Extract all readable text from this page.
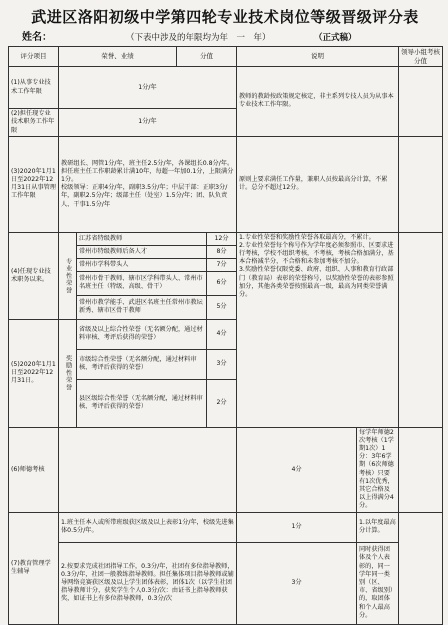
武进区洛阳初级中学第四轮专业技术岗位等级晋级评分表
姓名：	（下表中涉及的年限均为年　一　年）	（正式稿）
评分项目	荣誉、业绩		分值		说明		领导小组考核分值
(1)从事专业技术工作年限	1分/年				教师的教龄按政策规定核定，非主系列专技人员为从事本专业技术工作年限。		
(2)担任现专业技术职务工作年限	1分/年						
(3)2020年1月1日至2022年12月31日从事管理工作年限	教研组长、网管1分/年，班主任2.5分/年，各课组长0.8分/年。
担任班主任工作职龄累计满10年，每超一年加0.1分，上限满分1分。
校级领导：正职4分/年，副职3.5分/年；中层干部：正职3分/年，副职2.5分/年；级部主任（处室）1.5分/年；团、队负责人、干事1.5分/年				原则上要求满任工作量，兼职人员按最高分计算，不累计。总分不超过12分。		
(4)任现专业技术职务以来。	专业性荣誉	江苏省特级教师		12分	1.专业性荣誉和奖励性荣誉各取最高分，不累计。
2.专业性荣誉每个称号作为学年度必须参照市、区要求进行考核，学校不组织考核，不考核，考核合格加满分，基本合格减半分，不合格和未参加考核不加分。
3.奖励性荣誉仅限党委、政府、组织、人事和教育行政部门（教育局）表彰的荣誉称号，以奖励性荣誉的表彰参照加分，其他各类荣誉按照最高一级，最高为同类荣誉满分。		

		常州市特级教师后备人才		8分			
		常州市学科带头人		7分			
		常州市骨干教师、辖市区学科带头人、常州市名班主任（特级、高级、骨干）		6分			
		常州市教学能手、武进区名班主任常州市教坛新秀、辖市区骨干教师		5分			
(5)2020年1月1日至2022年12月31日。	奖励性荣誉	省级及以上综合性荣誉（无名额分配，通过材料审核、考评后获得的荣誉）		4分			
		市级综合性荣誉（无名额分配，通过材料审核、考评后获得的荣誉）		3分			
		县区级综合性荣誉（无名额分配，通过材料审核、考评后获得的荣誉）		2分			
(6)师德考核					4分	每学年师德2次考核（1学期1次）1分：3年6学期（6次师德考核）只要有1次优秀，其它合格及以上得满分4分。	
(7)教育管理学生辅导	1.班主任本人或所带班级获区级及以上表彰1分/年，校级先进集体0.5分/年。				1分	1.以年度最高分计算。	
	2.按要求完成社团指导工作，0.3分/年，社团有多位指导教师，0.3分/年，社团一般教练指导教师。担任集体项目指导教师或辅导网络竞赛获区级及以上学生团体表彰，团体1次（以学生社团指导教师计分，获奖学生个人0.3分/次：由证书上指导教师获奖，如证书上有多位指导教师，0.3分/次				3分	同时获得团体及个人表彰的，同一学年同一类别（区、市、省级别）的，取团体和个人最高分。	
